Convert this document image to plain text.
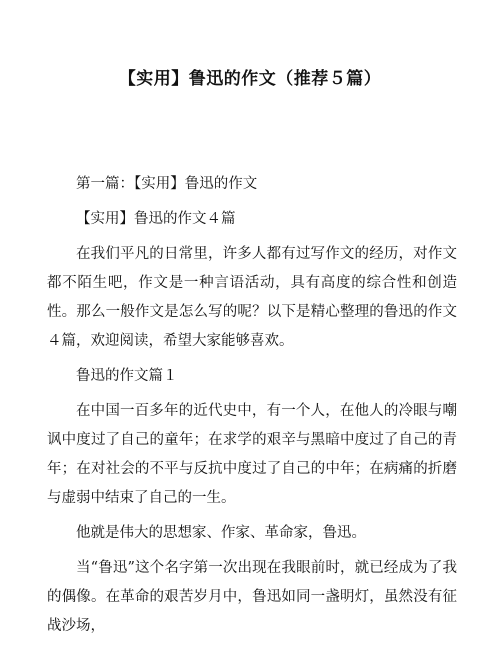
【实用】鲁迅的作文（推荐５篇）

第一篇：【实用】鲁迅的作文

【实用】鲁迅的作文４篇

在我们平凡的日常里，许多人都有过写作文的经历，对作文都不陌生吧，作文是一种言语活动，具有高度的综合性和创造性。那么一般作文是怎么写的呢？以下是精心整理的鲁迅的作文４篇，欢迎阅读，希望大家能够喜欢。

鲁迅的作文篇１

在中国一百多年的近代史中，有一个人，在他人的冷眼与嘲讽中度过了自己的童年；在求学的艰辛与黑暗中度过了自己的青年；在对社会的不平与反抗中度过了自己的中年；在病痛的折磨与虚弱中结束了自己的一生。

他就是伟大的思想家、作家、革命家，鲁迅。

当“鲁迅”这个名字第一次出现在我眼前时，就已经成为了我的偶像。在革命的艰苦岁月中，鲁迅如同一盏明灯，虽然没有征战沙场，
